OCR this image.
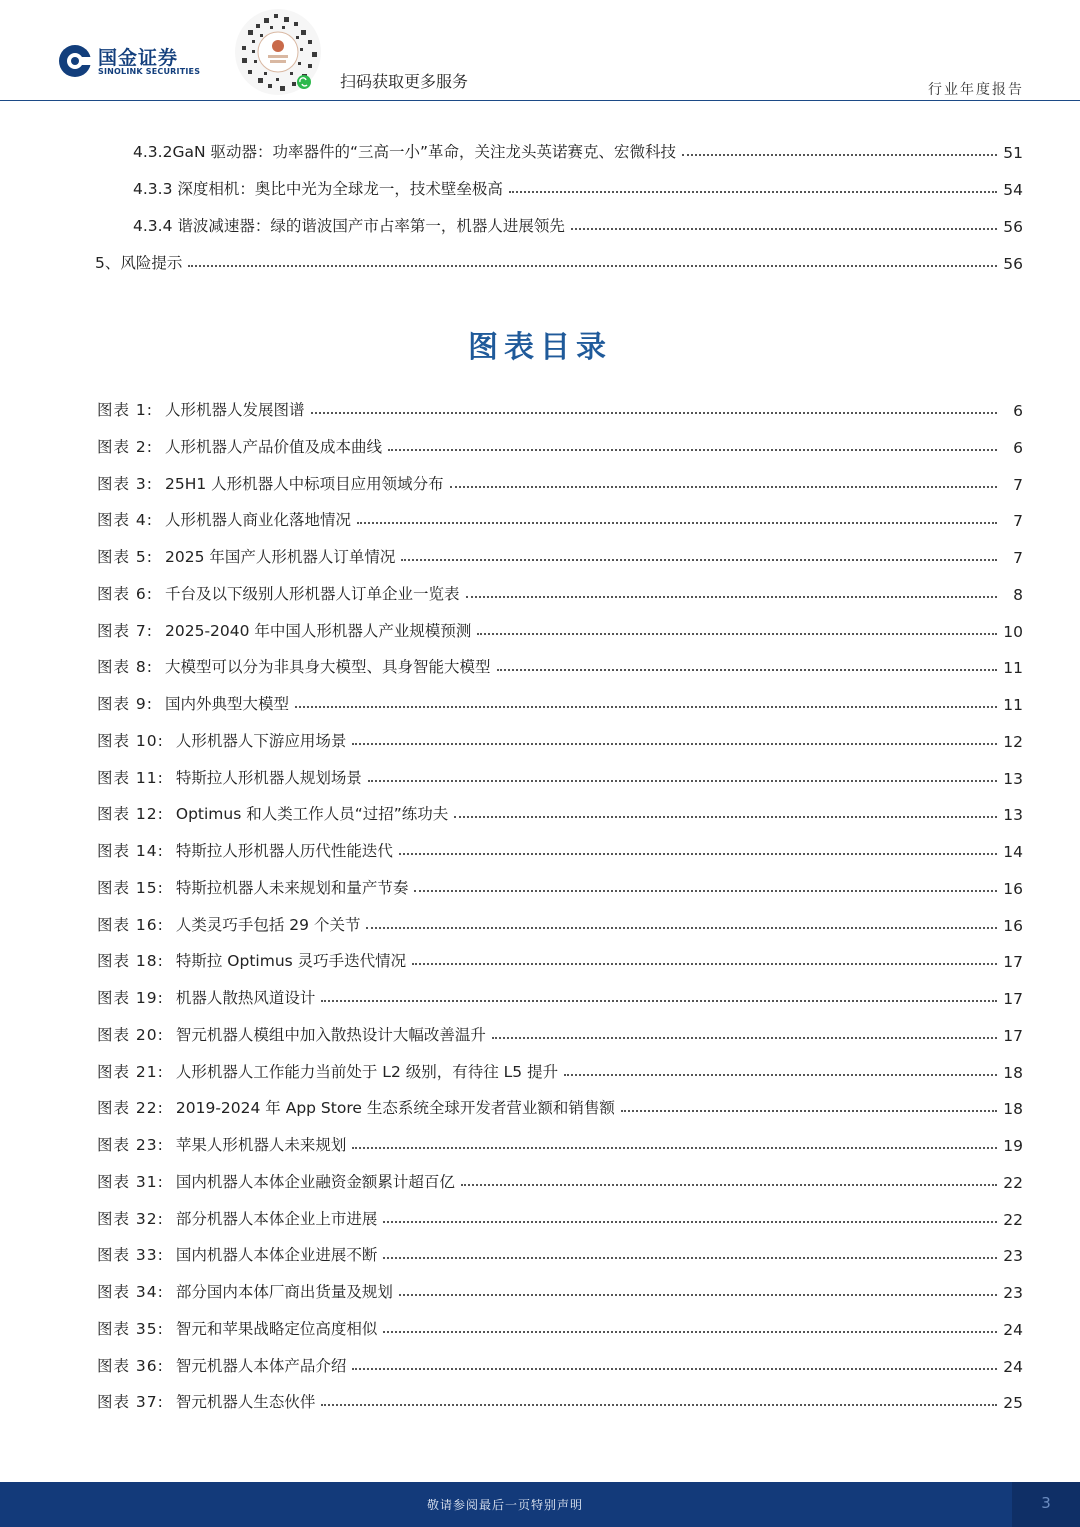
国金证券
SINOLINK SECURITIES
扫码获取更多服务	行业年度报告
4.3.2GaN 驱动器：功率器件的“三高一小”革命，关注龙头英诺赛克、宏微科技	51
4.3.3 深度相机：奥比中光为全球龙一，技术壁垒极高	54
4.3.4 谐波减速器：绿的谐波国产市占率第一，机器人进展领先	56
5、风险提示	56
图表目录
图表 1: 人形机器人发展图谱	6
图表 2: 人形机器人产品价值及成本曲线	6
图表 3: 25H1 人形机器人中标项目应用领域分布	7
图表 4: 人形机器人商业化落地情况	7
图表 5: 2025 年国产人形机器人订单情况	7
图表 6: 千台及以下级别人形机器人订单企业一览表	8
图表 7: 2025-2040 年中国人形机器人产业规模预测	10
图表 8: 大模型可以分为非具身大模型、具身智能大模型	11
图表 9: 国内外典型大模型	11
图表 10: 人形机器人下游应用场景	12
图表 11: 特斯拉人形机器人规划场景	13
图表 12: Optimus 和人类工作人员“过招”练功夫	13
图表 14: 特斯拉人形机器人历代性能迭代	14
图表 15: 特斯拉机器人未来规划和量产节奏	16
图表 16: 人类灵巧手包括 29 个关节	16
图表 18: 特斯拉 Optimus 灵巧手迭代情况	17
图表 19: 机器人散热风道设计	17
图表 20: 智元机器人模组中加入散热设计大幅改善温升	17
图表 21: 人形机器人工作能力当前处于 L2 级别，有待往 L5 提升	18
图表 22: 2019-2024 年 App Store 生态系统全球开发者营业额和销售额	18
图表 23: 苹果人形机器人未来规划	19
图表 31: 国内机器人本体企业融资金额累计超百亿	22
图表 32: 部分机器人本体企业上市进展	22
图表 33: 国内机器人本体企业进展不断	23
图表 34: 部分国内本体厂商出货量及规划	23
图表 35: 智元和苹果战略定位高度相似	24
图表 36: 智元机器人本体产品介绍	24
图表 37: 智元机器人生态伙伴	25
敬请参阅最后一页特别声明	3
